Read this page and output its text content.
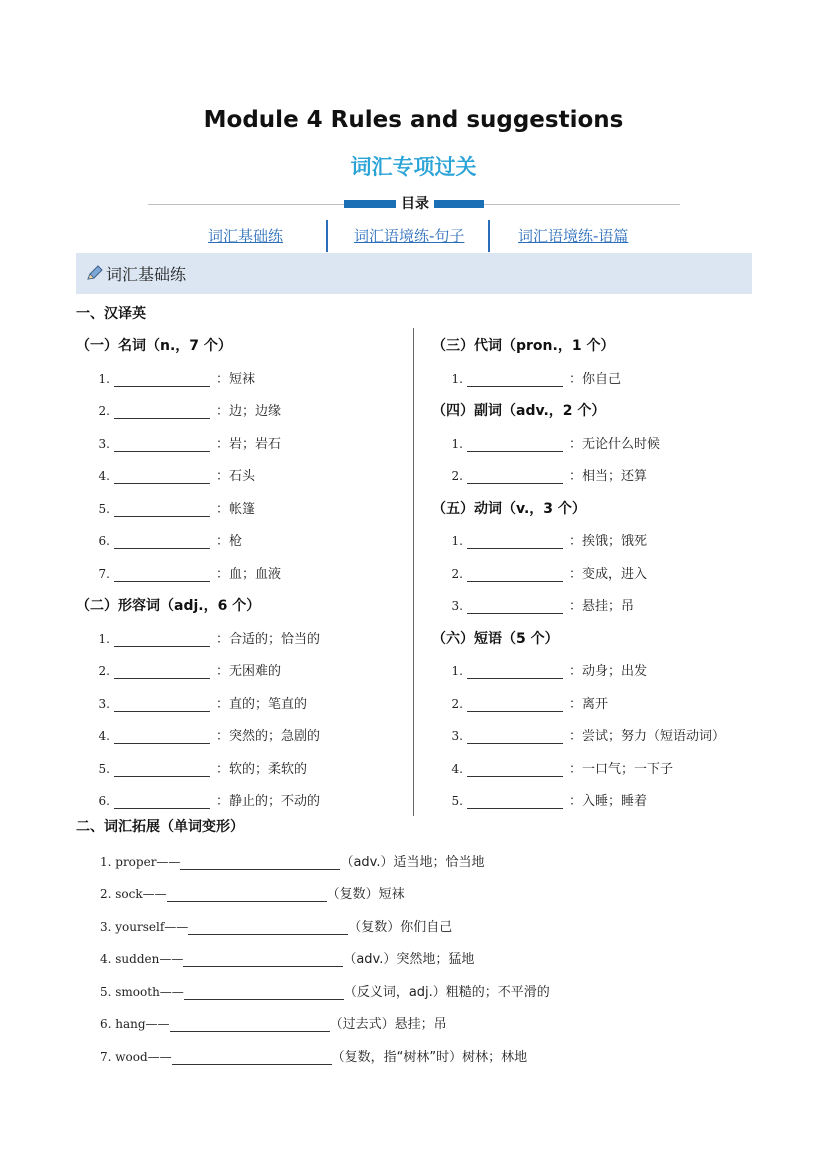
Module 4 Rules and suggestions
词汇专项过关
目录
词汇基础练	词汇语境练-句子	词汇语境练-语篇
词汇基础练
一、汉译英
（一）名词（n.，7 个）
1.	：短袜
2.	：边；边缘
3.	：岩；岩石
4.	：石头
5.	：帐篷
6.	：枪
7.	：血；血液
（二）形容词（adj.，6 个）
1.	：合适的；恰当的
2.	：无困难的
3.	：直的；笔直的
4.	：突然的；急剧的
5.	：软的；柔软的
6.	：静止的；不动的
（三）代词（pron.，1 个）
1.	：你自己
（四）副词（adv.，2 个）
1.	：无论什么时候
2.	：相当；还算
（五）动词（v.，3 个）
1.	：挨饿；饿死
2.	：变成，进入
3.	：悬挂；吊
（六）短语（5 个）
1.	：动身；出发
2.	：离开
3.	：尝试；努力（短语动词）
4.	：一口气；一下子
5.	：入睡；睡着
二、词汇拓展（单词变形）
1. proper——	（adv.）适当地；恰当地
2. sock——	（复数）短袜
3. yourself——	（复数）你们自己
4. sudden——	（adv.）突然地；猛地
5. smooth——	（反义词，adj.）粗糙的；不平滑的
6. hang——	（过去式）悬挂；吊
7. wood——	（复数，指“树林”时）树林；林地
